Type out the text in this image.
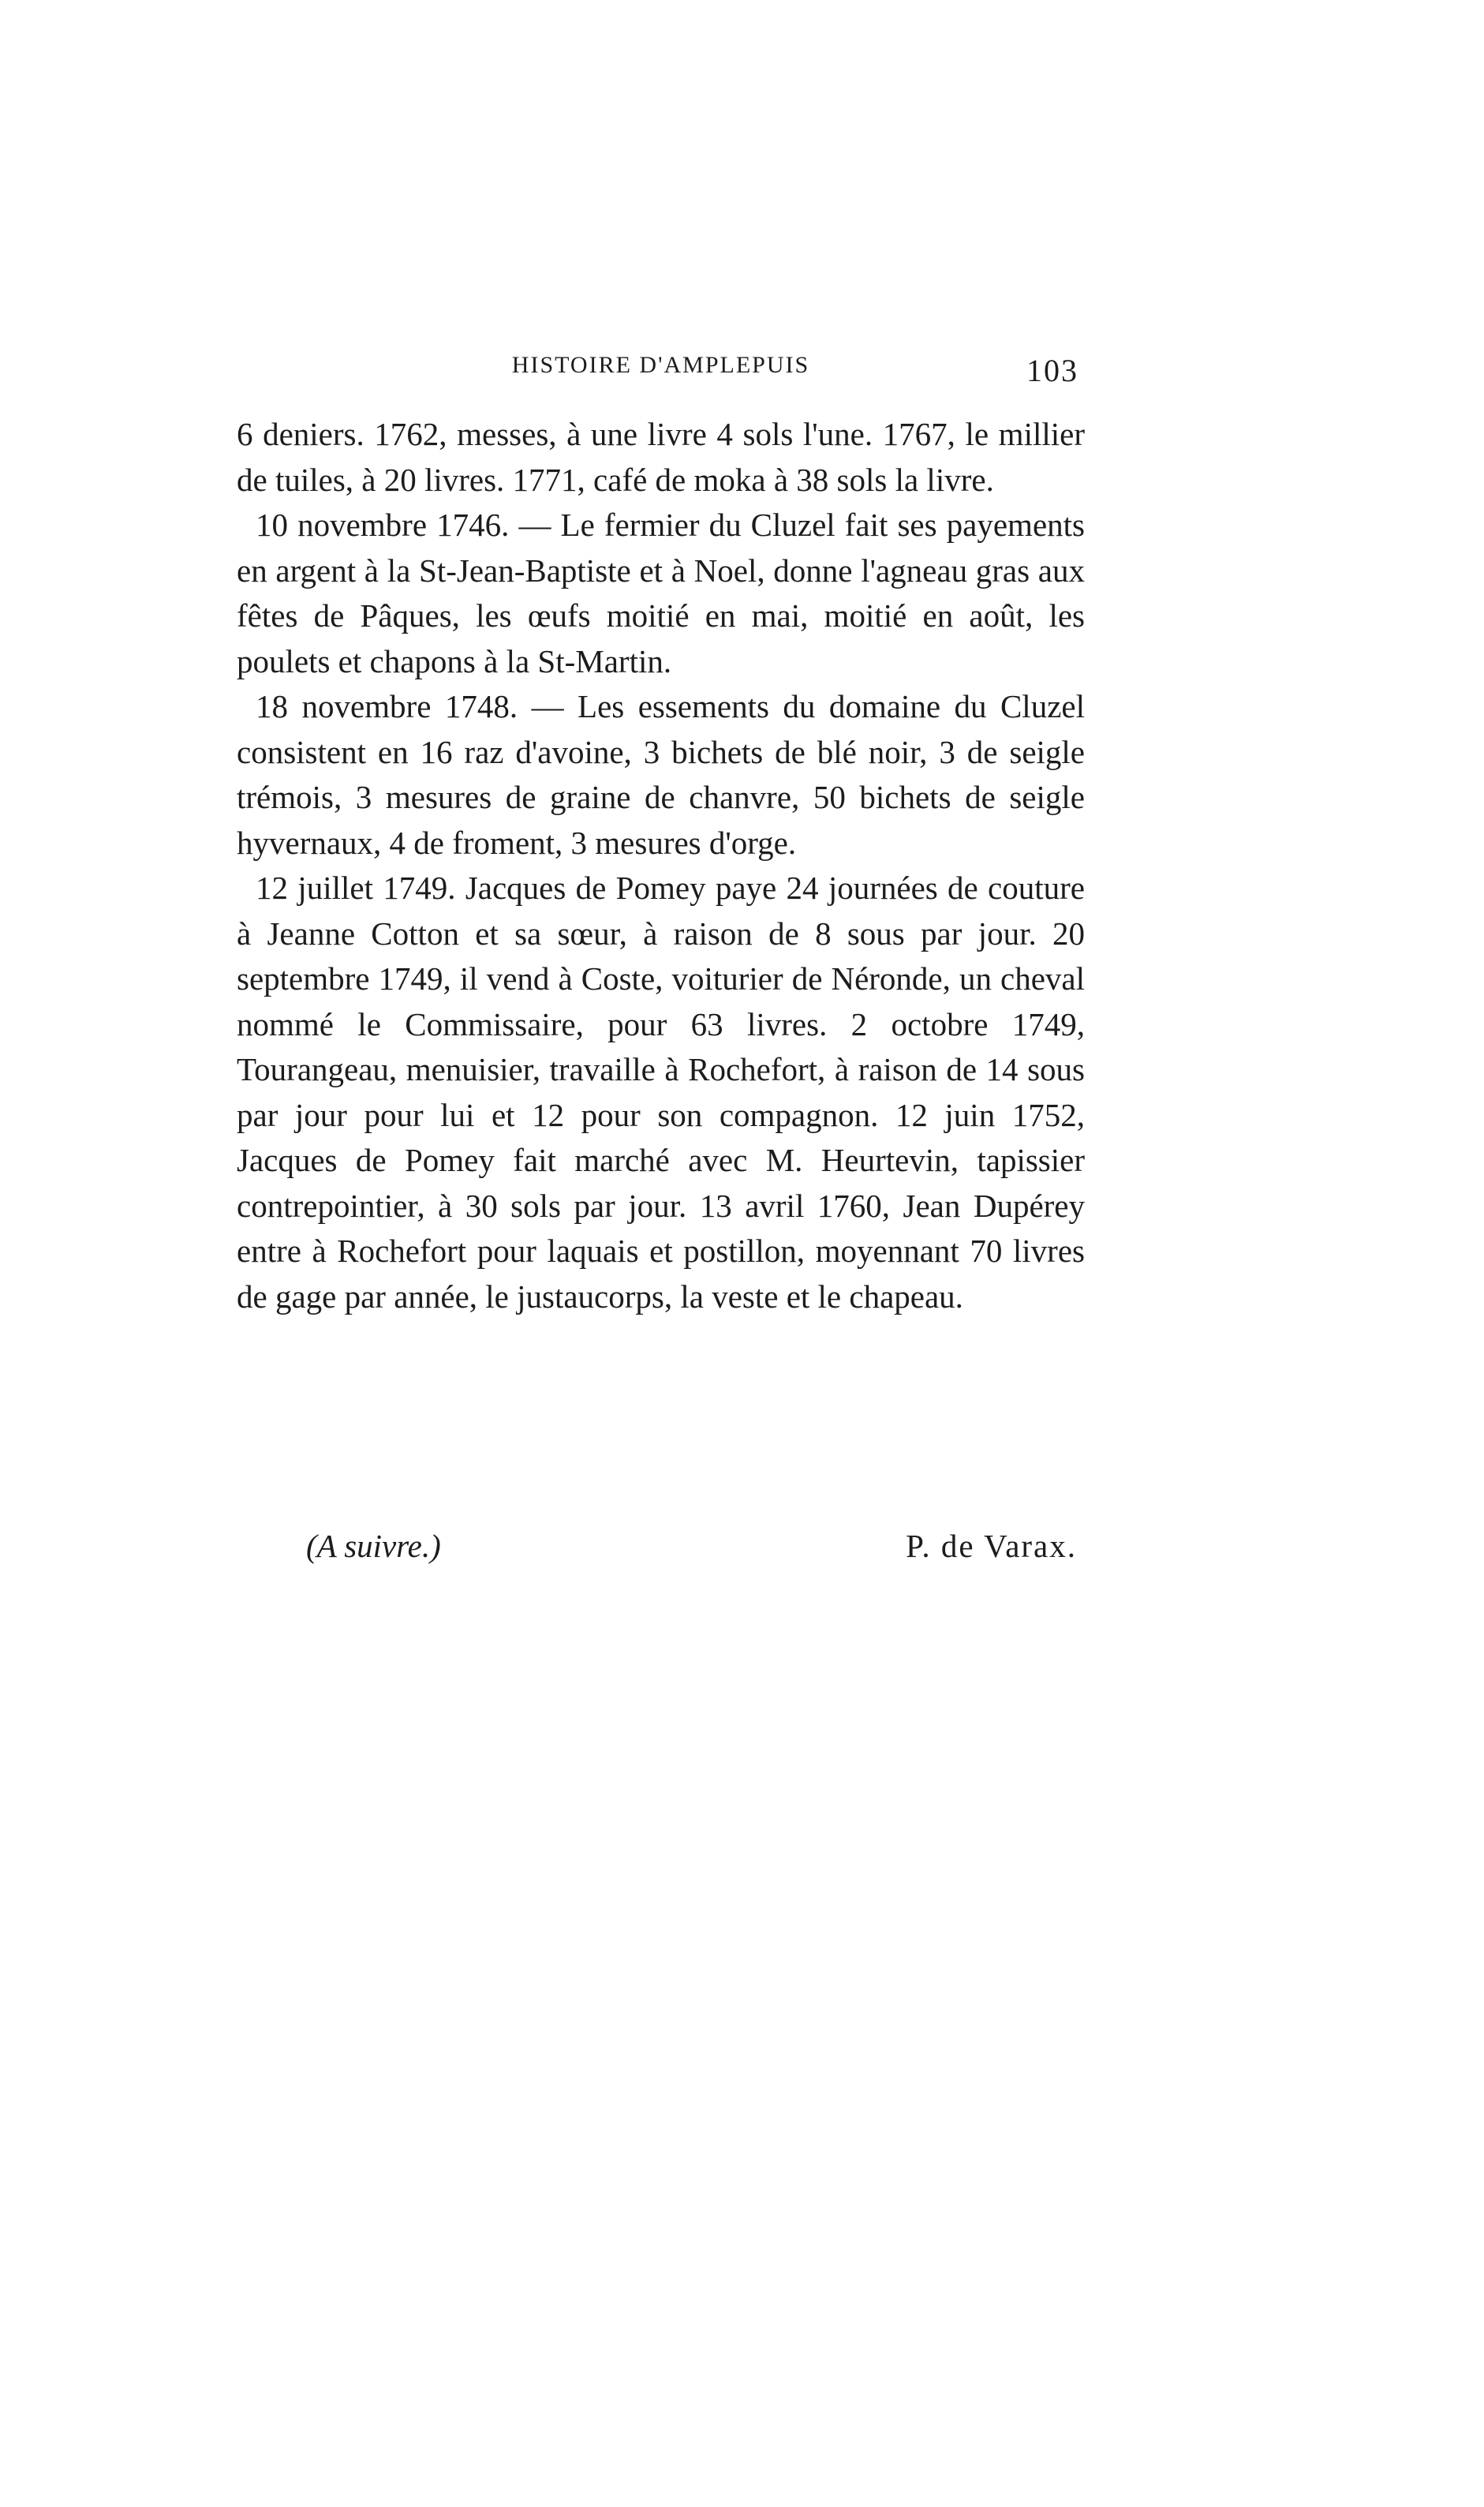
HISTOIRE D'AMPLEPUIS	103

6 deniers. 1762, messes, à une livre 4 sols l'une. 1767, le millier de tuiles, à 20 livres. 1771, café de moka à 38 sols la livre.

10 novembre 1746. — Le fermier du Cluzel fait ses payements en argent à la St-Jean-Baptiste et à Noel, donne l'agneau gras aux fêtes de Pâques, les œufs moitié en mai, moitié en août, les poulets et chapons à la St-Martin.

18 novembre 1748. — Les essements du domaine du Cluzel consistent en 16 raz d'avoine, 3 bichets de blé noir, 3 de seigle trémois, 3 mesures de graine de chanvre, 50 bichets de seigle hyvernaux, 4 de froment, 3 mesures d'orge.

12 juillet 1749. Jacques de Pomey paye 24 journées de couture à Jeanne Cotton et sa sœur, à raison de 8 sous par jour. 20 septembre 1749, il vend à Coste, voiturier de Néronde, un cheval nommé le Commissaire, pour 63 livres. 2 octobre 1749, Tourangeau, menuisier, travaille à Rochefort, à raison de 14 sous par jour pour lui et 12 pour son compagnon. 12 juin 1752, Jacques de Pomey fait marché avec M. Heurtevin, tapissier contrepointier, à 30 sols par jour. 13 avril 1760, Jean Dupérey entre à Rochefort pour laquais et postillon, moyennant 70 livres de gage par année, le justaucorps, la veste et le chapeau.

(A suivre.)	P. de Varax.
